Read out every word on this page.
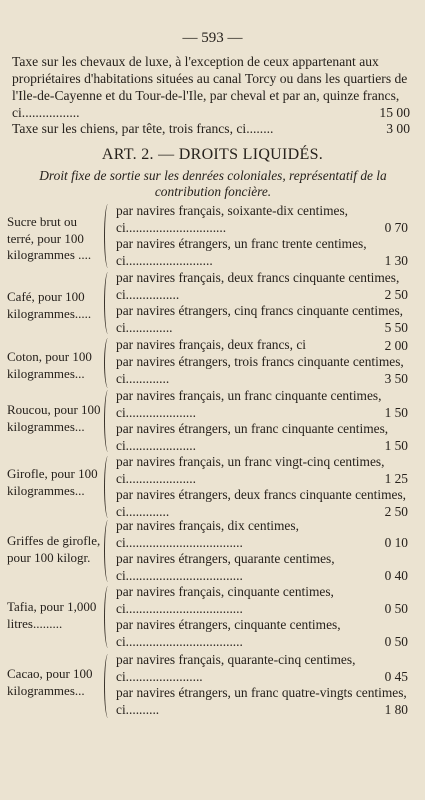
— 593 —
Taxe sur les chevaux de luxe, à l'exception de ceux appartenant aux propriétaires d'habitations situées au canal Torcy ou dans les quartiers de l'Ile-de-Cayenne et du Tour-de-l'Ile, par cheval et par an, quinze francs, ci.................	15 00
Taxe sur les chiens, par tête, trois francs, ci........	3 00
ART. 2. — DROITS LIQUIDÉS.
Droit fixe de sortie sur les denrées coloniales, représentatif de la contribution foncière.
Sucre brut ou terré, pour 100 kilogrammes ....
par navires français, soixante-dix centimes, ci..............................	0 70
par navires étrangers, un franc trente centimes, ci..........................	1 30
Café, pour 100 kilogrammes.....
par navires français, deux francs cinquante centimes, ci................	2 50
par navires étrangers, cinq francs cinquante centimes, ci..............	5 50
Coton, pour 100 kilogrammes...
par navires français, deux francs, ci	2 00
par navires étrangers, trois francs cinquante centimes, ci.............	3 50
Roucou, pour 100 kilogrammes...
par navires français, un franc cinquante centimes, ci.....................	1 50
par navires étrangers, un franc cinquante centimes, ci.....................	1 50
Girofle, pour 100 kilogrammes...
par navires français, un franc vingt-cinq centimes, ci.....................	1 25
par navires étrangers, deux francs cinquante centimes, ci.............	2 50
Griffes de girofle, pour 100 kilogr.
par navires français, dix centimes, ci...................................	0 10
par navires étrangers, quarante centimes, ci...................................	0 40
Tafia, pour 1,000 litres.........
par navires français, cinquante centimes, ci...................................	0 50
par navires étrangers, cinquante centimes, ci...................................	0 50
Cacao, pour 100 kilogrammes...
par navires français, quarante-cinq centimes, ci.......................	0 45
par navires étrangers, un franc quatre-vingts centimes, ci..........	1 80
